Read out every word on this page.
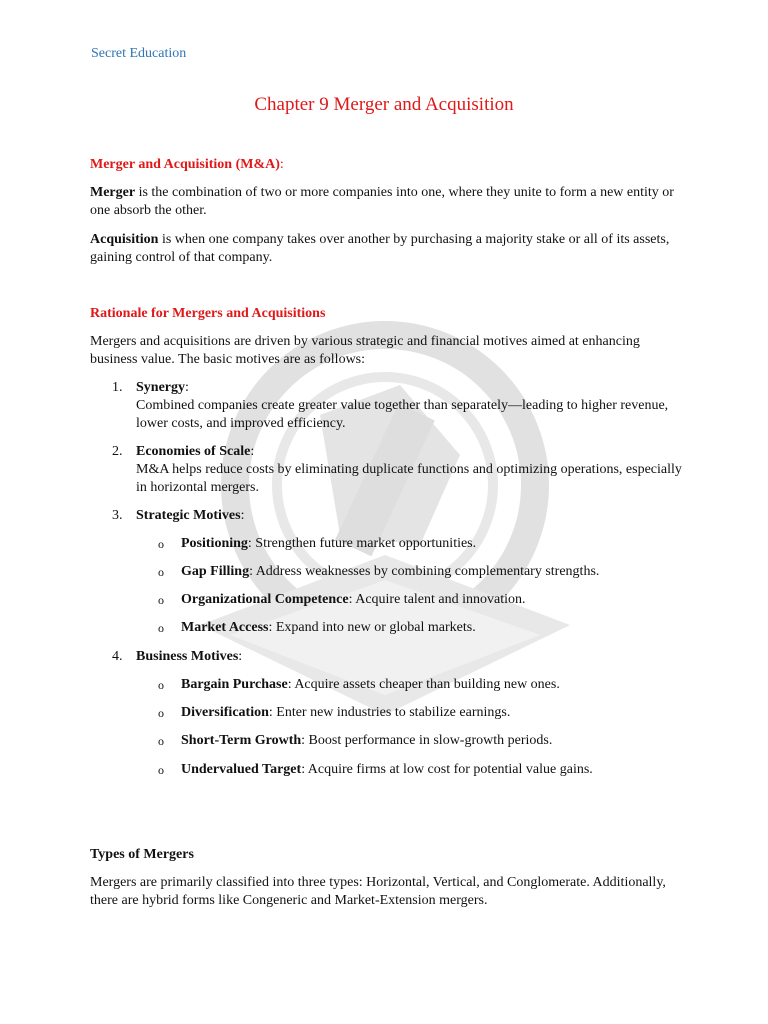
Secret Education
Chapter 9 Merger and Acquisition
Merger and Acquisition (M&A):
Merger is the combination of two or more companies into one, where they unite to form a new entity or one absorb the other.
Acquisition is when one company takes over another by purchasing a majority stake or all of its assets, gaining control of that company.
Rationale for Mergers and Acquisitions
Mergers and acquisitions are driven by various strategic and financial motives aimed at enhancing business value. The basic motives are as follows:
1. Synergy:
Combined companies create greater value together than separately—leading to higher revenue, lower costs, and improved efficiency.
2. Economies of Scale:
M&A helps reduce costs by eliminating duplicate functions and optimizing operations, especially in horizontal mergers.
3. Strategic Motives:
o Positioning: Strengthen future market opportunities.
o Gap Filling: Address weaknesses by combining complementary strengths.
o Organizational Competence: Acquire talent and innovation.
o Market Access: Expand into new or global markets.
4. Business Motives:
o Bargain Purchase: Acquire assets cheaper than building new ones.
o Diversification: Enter new industries to stabilize earnings.
o Short-Term Growth: Boost performance in slow-growth periods.
o Undervalued Target: Acquire firms at low cost for potential value gains.
Types of Mergers
Mergers are primarily classified into three types: Horizontal, Vertical, and Conglomerate. Additionally, there are hybrid forms like Congeneric and Market-Extension mergers.
